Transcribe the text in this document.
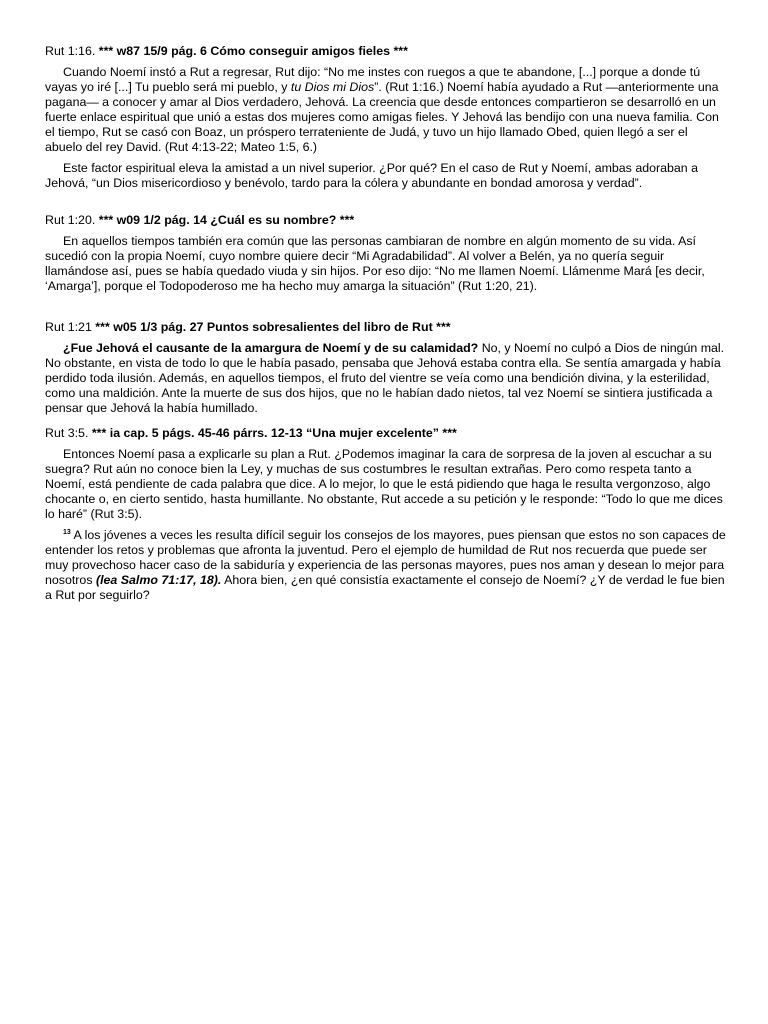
Rut 1:16. *** w87 15/9 pág. 6 Cómo conseguir amigos fieles ***

Cuando Noemí instó a Rut a regresar, Rut dijo: “No me instes con ruegos a que te abandone, [...] porque a donde tú vayas yo iré [...] Tu pueblo será mi pueblo, y tu Dios mi Dios”. (Rut 1:16.) Noemí había ayudado a Rut —anteriormente una pagana— a conocer y amar al Dios verdadero, Jehová. La creencia que desde entonces compartieron se desarrolló en un fuerte enlace espiritual que unió a estas dos mujeres como amigas fieles. Y Jehová las bendijo con una nueva familia. Con el tiempo, Rut se casó con Boaz, un próspero terrateniente de Judá, y tuvo un hijo llamado Obed, quien llegó a ser el abuelo del rey David. (Rut 4:13-22; Mateo 1:5, 6.)

Este factor espiritual eleva la amistad a un nivel superior. ¿Por qué? En el caso de Rut y Noemí, ambas adoraban a Jehová, “un Dios misericordioso y benévolo, tardo para la cólera y abundante en bondad amorosa y verdad”.

Rut 1:20. *** w09 1/2 pág. 14 ¿Cuál es su nombre? ***

En aquellos tiempos también era común que las personas cambiaran de nombre en algún momento de su vida. Así sucedió con la propia Noemí, cuyo nombre quiere decir “Mi Agradabilidad”. Al volver a Belén, ya no quería seguir llamándose así, pues se había quedado viuda y sin hijos. Por eso dijo: “No me llamen Noemí. Llámenme Mará [es decir, ‘Amarga’], porque el Todopoderoso me ha hecho muy amarga la situación” (Rut 1:20, 21).

Rut 1:21 *** w05 1/3 pág. 27 Puntos sobresalientes del libro de Rut ***

¿Fue Jehová el causante de la amargura de Noemí y de su calamidad? No, y Noemí no culpó a Dios de ningún mal. No obstante, en vista de todo lo que le había pasado, pensaba que Jehová estaba contra ella. Se sentía amargada y había perdido toda ilusión. Además, en aquellos tiempos, el fruto del vientre se veía como una bendición divina, y la esterilidad, como una maldición. Ante la muerte de sus dos hijos, que no le habían dado nietos, tal vez Noemí se sintiera justificada a pensar que Jehová la había humillado.

Rut 3:5. *** ia cap. 5 págs. 45-46 párrs. 12-13 “Una mujer excelente” ***

Entonces Noemí pasa a explicarle su plan a Rut. ¿Podemos imaginar la cara de sorpresa de la joven al escuchar a su suegra? Rut aún no conoce bien la Ley, y muchas de sus costumbres le resultan extrañas. Pero como respeta tanto a Noemí, está pendiente de cada palabra que dice. A lo mejor, lo que le está pidiendo que haga le resulta vergonzoso, algo chocante o, en cierto sentido, hasta humillante. No obstante, Rut accede a su petición y le responde: “Todo lo que me dices lo haré” (Rut 3:5).

$^{13}$ A los jóvenes a veces les resulta difícil seguir los consejos de los mayores, pues piensan que estos no son capaces de entender los retos y problemas que afronta la juventud. Pero el ejemplo de humildad de Rut nos recuerda que puede ser muy provechoso hacer caso de la sabiduría y experiencia de las personas mayores, pues nos aman y desean lo mejor para nosotros (lea Salmo 71:17, 18). Ahora bien, ¿en qué consistía exactamente el consejo de Noemí? ¿Y de verdad le fue bien a Rut por seguirlo?
